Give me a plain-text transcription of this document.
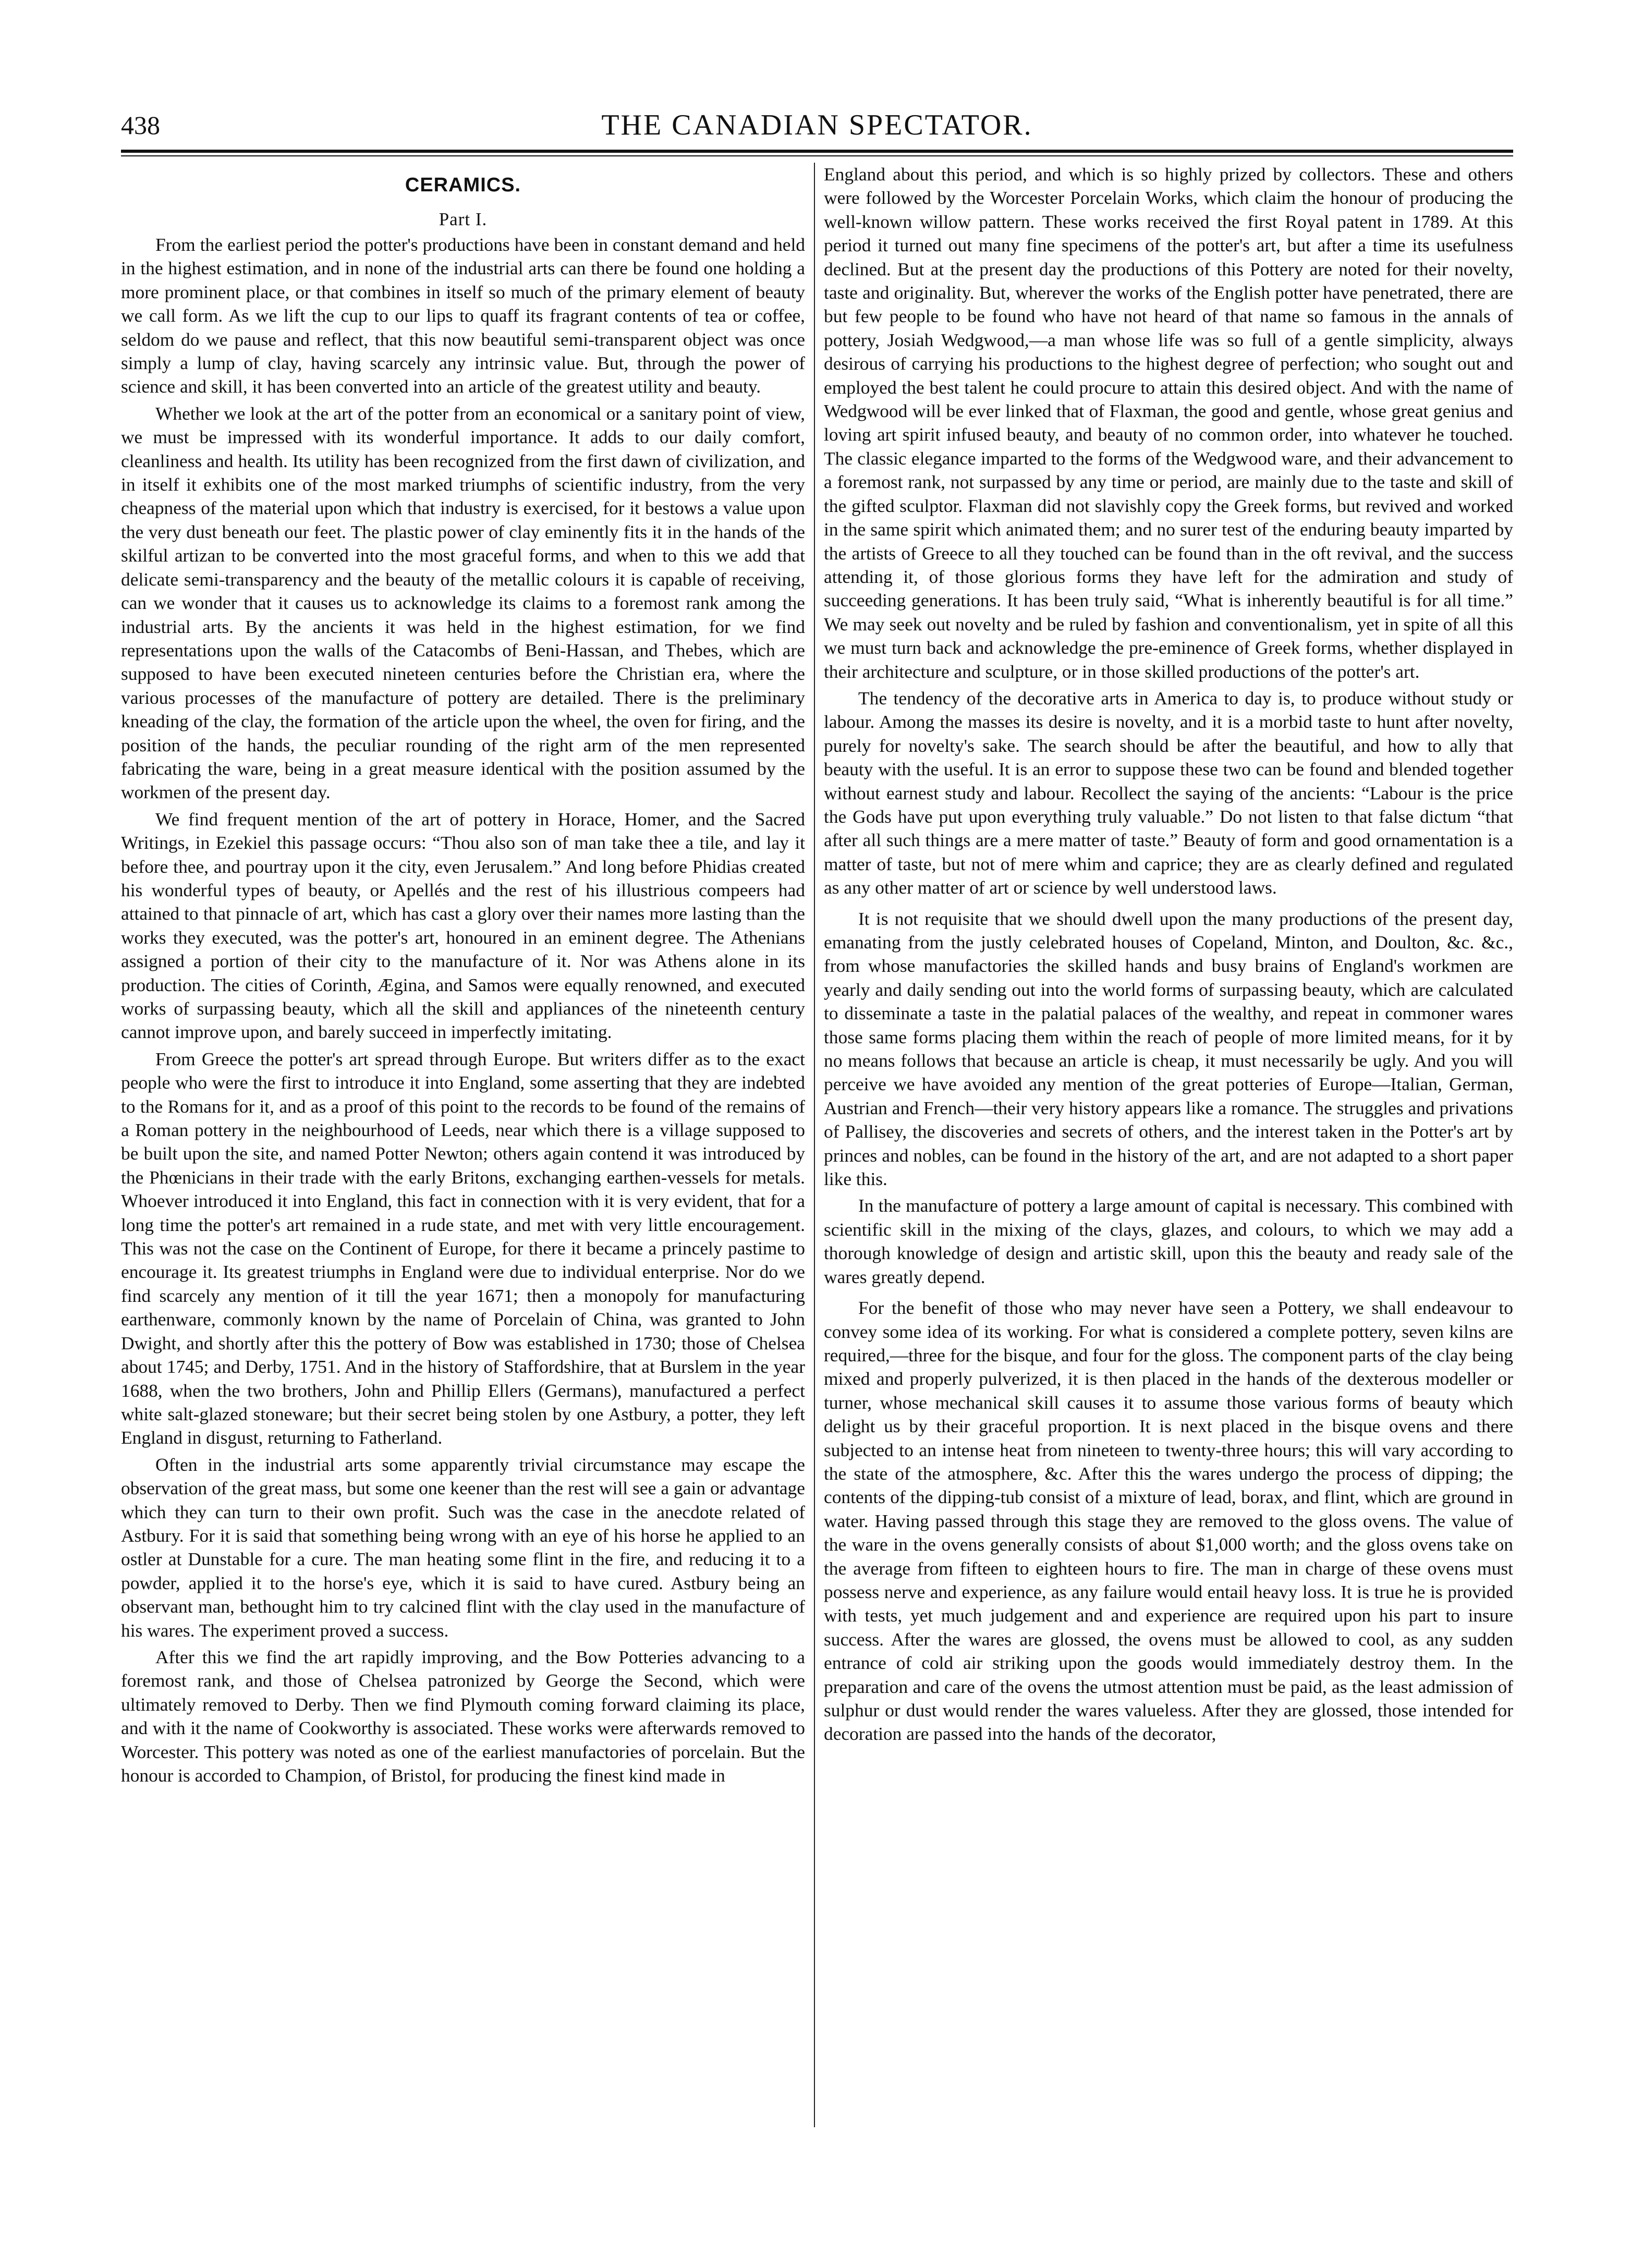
438	THE CANADIAN SPECTATOR.
CERAMICS.
Part I.

From the earliest period the potter's productions have been in constant demand and held in the highest estimation, and in none of the industrial arts can there be found one holding a more prominent place, or that combines in itself so much of the primary element of beauty we call form. As we lift the cup to our lips to quaff its fragrant contents of tea or coffee, seldom do we pause and reflect, that this now beautiful semi-transparent object was once simply a lump of clay, having scarcely any intrinsic value. But, through the power of science and skill, it has been converted into an article of the greatest utility and beauty.

Whether we look at the art of the potter from an economical or a sanitary point of view, we must be impressed with its wonderful importance. It adds to our daily comfort, cleanliness and health. Its utility has been recognized from the first dawn of civilization, and in itself it exhibits one of the most marked triumphs of scientific industry, from the very cheapness of the material upon which that industry is exercised, for it bestows a value upon the very dust beneath our feet. The plastic power of clay eminently fits it in the hands of the skilful artizan to be converted into the most graceful forms, and when to this we add that delicate semi-transparency and the beauty of the metallic colours it is capable of receiving, can we wonder that it causes us to acknowledge its claims to a foremost rank among the industrial arts. By the ancients it was held in the highest estimation, for we find representations upon the walls of the Catacombs of Beni-Hassan, and Thebes, which are supposed to have been executed nineteen centuries before the Christian era, where the various processes of the manufacture of pottery are detailed. There is the preliminary kneading of the clay, the formation of the article upon the wheel, the oven for firing, and the position of the hands, the peculiar rounding of the right arm of the men represented fabricating the ware, being in a great measure identical with the position assumed by the workmen of the present day.

We find frequent mention of the art of pottery in Horace, Homer, and the Sacred Writings, in Ezekiel this passage occurs: “Thou also son of man take thee a tile, and lay it before thee, and pourtray upon it the city, even Jerusalem.” And long before Phidias created his wonderful types of beauty, or Apellés and the rest of his illustrious compeers had attained to that pinnacle of art, which has cast a glory over their names more lasting than the works they executed, was the potter's art, honoured in an eminent degree. The Athenians assigned a portion of their city to the manufacture of it. Nor was Athens alone in its production. The cities of Corinth, Ægina, and Samos were equally renowned, and executed works of surpassing beauty, which all the skill and appliances of the nineteenth century cannot improve upon, and barely succeed in imperfectly imitating.

From Greece the potter's art spread through Europe. But writers differ as to the exact people who were the first to introduce it into England, some asserting that they are indebted to the Romans for it, and as a proof of this point to the records to be found of the remains of a Roman pottery in the neighbourhood of Leeds, near which there is a village supposed to be built upon the site, and named Potter Newton; others again contend it was introduced by the Phœnicians in their trade with the early Britons, exchanging earthen-vessels for metals. Whoever introduced it into England, this fact in connection with it is very evident, that for a long time the potter's art remained in a rude state, and met with very little encouragement. This was not the case on the Continent of Europe, for there it became a princely pastime to encourage it. Its greatest triumphs in England were due to individual enterprise. Nor do we find scarcely any mention of it till the year 1671; then a monopoly for manufacturing earthenware, commonly known by the name of Porcelain of China, was granted to John Dwight, and shortly after this the pottery of Bow was established in 1730; those of Chelsea about 1745; and Derby, 1751. And in the history of Staffordshire, that at Burslem in the year 1688, when the two brothers, John and Phillip Ellers (Germans), manufactured a perfect white salt-glazed stoneware; but their secret being stolen by one Astbury, a potter, they left England in disgust, returning to Fatherland.

Often in the industrial arts some apparently trivial circumstance may escape the observation of the great mass, but some one keener than the rest will see a gain or advantage which they can turn to their own profit. Such was the case in the anecdote related of Astbury. For it is said that something being wrong with an eye of his horse he applied to an ostler at Dunstable for a cure. The man heating some flint in the fire, and reducing it to a powder, applied it to the horse's eye, which it is said to have cured. Astbury being an observant man, bethought him to try calcined flint with the clay used in the manufacture of his wares. The experiment proved a success.

After this we find the art rapidly improving, and the Bow Potteries advancing to a foremost rank, and those of Chelsea patronized by George the Second, which were ultimately removed to Derby. Then we find Plymouth coming forward claiming its place, and with it the name of Cookworthy is associated. These works were afterwards removed to Worcester. This pottery was noted as one of the earliest manufactories of porcelain. But the honour is accorded to Champion, of Bristol, for producing the finest kind made in

England about this period, and which is so highly prized by collectors. These and others were followed by the Worcester Porcelain Works, which claim the honour of producing the well-known willow pattern. These works received the first Royal patent in 1789. At this period it turned out many fine specimens of the potter's art, but after a time its usefulness declined. But at the present day the productions of this Pottery are noted for their novelty, taste and originality. But, wherever the works of the English potter have penetrated, there are but few people to be found who have not heard of that name so famous in the annals of pottery, Josiah Wedgwood,—a man whose life was so full of a gentle simplicity, always desirous of carrying his productions to the highest degree of perfection; who sought out and employed the best talent he could procure to attain this desired object. And with the name of Wedgwood will be ever linked that of Flaxman, the good and gentle, whose great genius and loving art spirit infused beauty, and beauty of no common order, into whatever he touched. The classic elegance imparted to the forms of the Wedgwood ware, and their advancement to a foremost rank, not surpassed by any time or period, are mainly due to the taste and skill of the gifted sculptor. Flaxman did not slavishly copy the Greek forms, but revived and worked in the same spirit which animated them; and no surer test of the enduring beauty imparted by the artists of Greece to all they touched can be found than in the oft revival, and the success attending it, of those glorious forms they have left for the admiration and study of succeeding generations. It has been truly said, “What is inherently beautiful is for all time.” We may seek out novelty and be ruled by fashion and conventionalism, yet in spite of all this we must turn back and acknowledge the pre-eminence of Greek forms, whether displayed in their architecture and sculpture, or in those skilled productions of the potter's art.

The tendency of the decorative arts in America to day is, to produce without study or labour. Among the masses its desire is novelty, and it is a morbid taste to hunt after novelty, purely for novelty's sake. The search should be after the beautiful, and how to ally that beauty with the useful. It is an error to suppose these two can be found and blended together without earnest study and labour. Recollect the saying of the ancients: “Labour is the price the Gods have put upon everything truly valuable.” Do not listen to that false dictum “that after all such things are a mere matter of taste.” Beauty of form and good ornamentation is a matter of taste, but not of mere whim and caprice; they are as clearly defined and regulated as any other matter of art or science by well understood laws.

It is not requisite that we should dwell upon the many productions of the present day, emanating from the justly celebrated houses of Copeland, Minton, and Doulton, &c. &c., from whose manufactories the skilled hands and busy brains of England's workmen are yearly and daily sending out into the world forms of surpassing beauty, which are calculated to disseminate a taste in the palatial palaces of the wealthy, and repeat in commoner wares those same forms placing them within the reach of people of more limited means, for it by no means follows that because an article is cheap, it must necessarily be ugly. And you will perceive we have avoided any mention of the great potteries of Europe—Italian, German, Austrian and French—their very history appears like a romance. The struggles and privations of Pallisey, the discoveries and secrets of others, and the interest taken in the Potter's art by princes and nobles, can be found in the history of the art, and are not adapted to a short paper like this.

In the manufacture of pottery a large amount of capital is necessary. This combined with scientific skill in the mixing of the clays, glazes, and colours, to which we may add a thorough knowledge of design and artistic skill, upon this the beauty and ready sale of the wares greatly depend.

For the benefit of those who may never have seen a Pottery, we shall endeavour to convey some idea of its working. For what is considered a complete pottery, seven kilns are required,—three for the bisque, and four for the gloss. The component parts of the clay being mixed and properly pulverized, it is then placed in the hands of the dexterous modeller or turner, whose mechanical skill causes it to assume those various forms of beauty which delight us by their graceful proportion. It is next placed in the bisque ovens and there subjected to an intense heat from nineteen to twenty-three hours; this will vary according to the state of the atmosphere, &c. After this the wares undergo the process of dipping; the contents of the dipping-tub consist of a mixture of lead, borax, and flint, which are ground in water. Having passed through this stage they are removed to the gloss ovens. The value of the ware in the ovens generally consists of about $1,000 worth; and the gloss ovens take on the average from fifteen to eighteen hours to fire. The man in charge of these ovens must possess nerve and experience, as any failure would entail heavy loss. It is true he is provided with tests, yet much judgement and and experience are required upon his part to insure success. After the wares are glossed, the ovens must be allowed to cool, as any sudden entrance of cold air striking upon the goods would immediately destroy them. In the preparation and care of the ovens the utmost attention must be paid, as the least admission of sulphur or dust would render the wares valueless. After they are glossed, those intended for decoration are passed into the hands of the decorator,
